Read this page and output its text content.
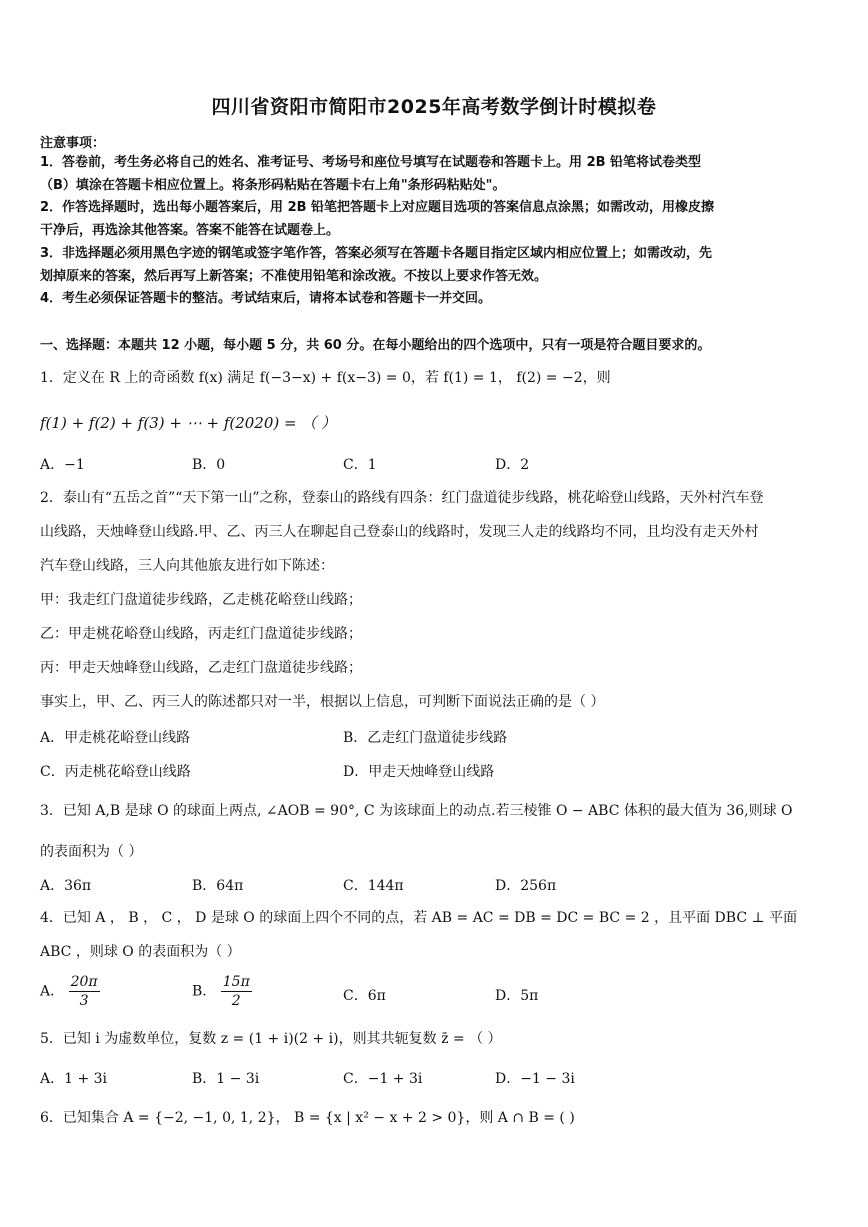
四川省资阳市简阳市2025年高考数学倒计时模拟卷
注意事项：
1．答卷前，考生务必将自己的姓名、准考证号、考场号和座位号填写在试题卷和答题卡上。用 2B 铅笔将试卷类型
（B）填涂在答题卡相应位置上。将条形码粘贴在答题卡右上角"条形码粘贴处"。
2．作答选择题时，选出每小题答案后，用 2B 铅笔把答题卡上对应题目选项的答案信息点涂黑；如需改动，用橡皮擦
干净后，再选涂其他答案。答案不能答在试题卷上。
3．非选择题必须用黑色字迹的钢笔或签字笔作答，答案必须写在答题卡各题目指定区域内相应位置上；如需改动，先
划掉原来的答案，然后再写上新答案；不准使用铅笔和涂改液。不按以上要求作答无效。
4．考生必须保证答题卡的整洁。考试结束后，请将本试卷和答题卡一并交回。
一、选择题：本题共 12 小题，每小题 5 分，共 60 分。在每小题给出的四个选项中，只有一项是符合题目要求的。
1．定义在 R 上的奇函数 f(x) 满足 f(−3−x) + f(x−3) = 0，若 f(1) = 1， f(2) = −2，则
f(1) + f(2) + f(3) + ⋯ + f(2020) = （ ）
A．−1	B．0	C．1	D．2
2．泰山有“五岳之首”“天下第一山”之称，登泰山的路线有四条：红门盘道徒步线路，桃花峪登山线路，天外村汽车登
山线路，天烛峰登山线路.甲、乙、丙三人在聊起自己登泰山的线路时，发现三人走的线路均不同，且均没有走天外村
汽车登山线路，三人向其他旅友进行如下陈述：
甲：我走红门盘道徒步线路，乙走桃花峪登山线路；
乙：甲走桃花峪登山线路，丙走红门盘道徒步线路；
丙：甲走天烛峰登山线路，乙走红门盘道徒步线路；
事实上，甲、乙、丙三人的陈述都只对一半，根据以上信息，可判断下面说法正确的是（ ）
A．甲走桃花峪登山线路	B．乙走红门盘道徒步线路
C．丙走桃花峪登山线路	D．甲走天烛峰登山线路
3．已知 A,B 是球 O 的球面上两点, ∠AOB = 90°, C 为该球面上的动点.若三棱锥 O − ABC 体积的最大值为 36,则球 O
的表面积为（ ）
A．36π	B．64π	C．144π	D．256π
4．已知 A ， B ， C ， D 是球 O 的球面上四个不同的点，若 AB = AC = DB = DC = BC = 2 ，且平面 DBC ⊥ 平面
ABC ，则球 O 的表面积为（ ）
A． $\frac{20\pi}{3}$	B． $\frac{15\pi}{2}$	C．6π	D．5π
5．已知 i 为虚数单位，复数 z = (1 + i)(2 + i)，则其共轭复数 z̄ = （ ）
A．1 + 3i	B．1 − 3i	C．−1 + 3i	D．−1 − 3i
6．已知集合 A = {−2, −1, 0, 1, 2}， B = {x | x² − x + 2 > 0}，则 A ∩ B = ( )
